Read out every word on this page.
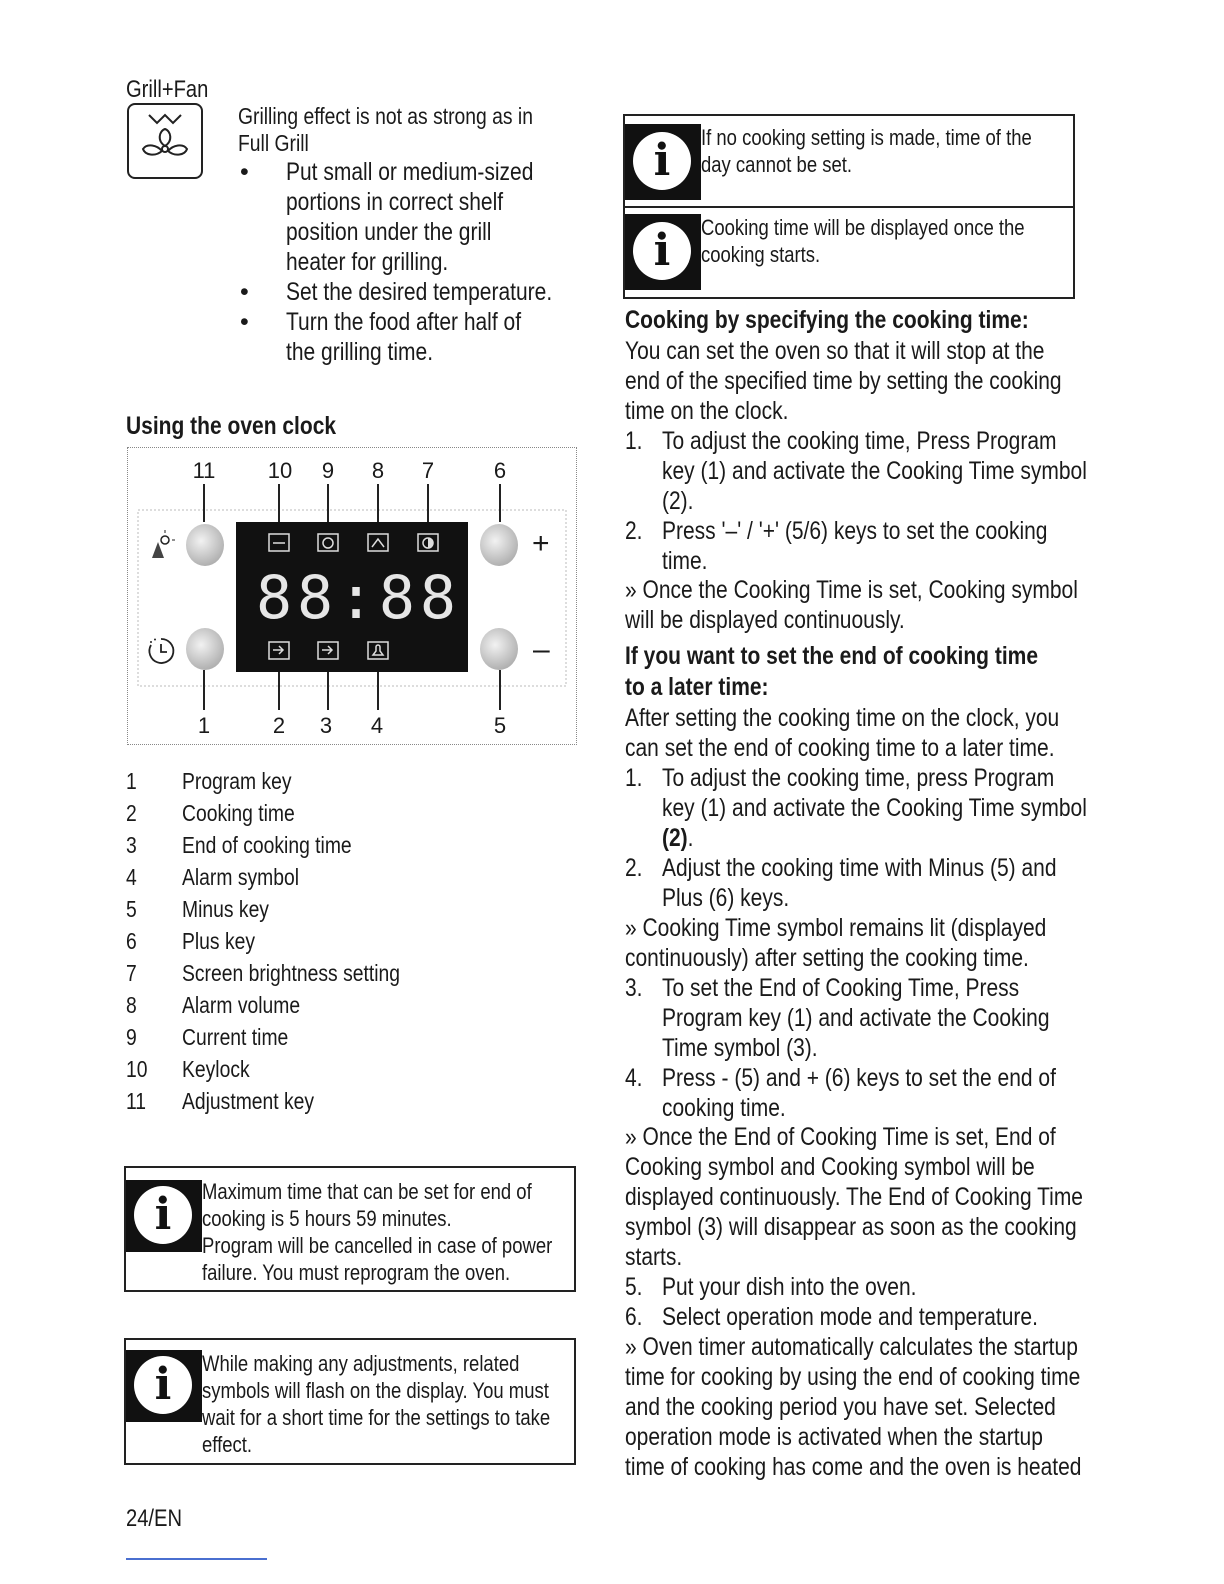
Grill+Fan
Grilling effect is not as strong as in
Full Grill
• Put small or medium-sized
portions in correct shelf
position under the grill
heater for grilling.
• Set the desired temperature.
• Turn the food after half of
the grilling time.
Using the oven clock
11 10	9	8	7	6
1	2	3	4	5
8 8 : 8 8
+
–
1 Program key
2 Cooking time
3 End of cooking time
4 Alarm symbol
5 Minus key
6 Plus key
7 Screen brightness setting
8 Alarm volume
9 Current time
10 Keylock
11 Adjustment key
i	Maximum time that can be set for end of
cooking is 5 hours 59 minutes.
Program will be cancelled in case of power
failure. You must reprogram the oven.
i	While making any adjustments, related
symbols will flash on the display. You must
wait for a short time for the settings to take
effect.
24/EN
i	If no cooking setting is made, time of the
day cannot be set.
i	Cooking time will be displayed once the
cooking starts.
Cooking by specifying the cooking time:
You can set the oven so that it will stop at the
end of the specified time by setting the cooking
time on the clock.
1. To adjust the cooking time, Press Program
key (1) and activate the Cooking Time symbol
(2).
2. Press '–' / '+' (5/6) keys to set the cooking
time.
» Once the Cooking Time is set, Cooking symbol
will be displayed continuously.
If you want to set the end of cooking time
to a later time:
After setting the cooking time on the clock, you
can set the end of cooking time to a later time.
1. To adjust the cooking time, press Program
key (1) and activate the Cooking Time symbol
(2).
2. Adjust the cooking time with Minus (5) and
Plus (6) keys.
» Cooking Time symbol remains lit (displayed
continuously) after setting the cooking time.
3. To set the End of Cooking Time, Press
Program key (1) and activate the Cooking
Time symbol (3).
4. Press - (5) and + (6) keys to set the end of
cooking time.
» Once the End of Cooking Time is set, End of
Cooking symbol and Cooking symbol will be
displayed continuously. The End of Cooking Time
symbol (3) will disappear as soon as the cooking
starts.
5. Put your dish into the oven.
6. Select operation mode and temperature.
» Oven timer automatically calculates the startup
time for cooking by using the end of cooking time
and the cooking period you have set. Selected
operation mode is activated when the startup
time of cooking has come and the oven is heated
